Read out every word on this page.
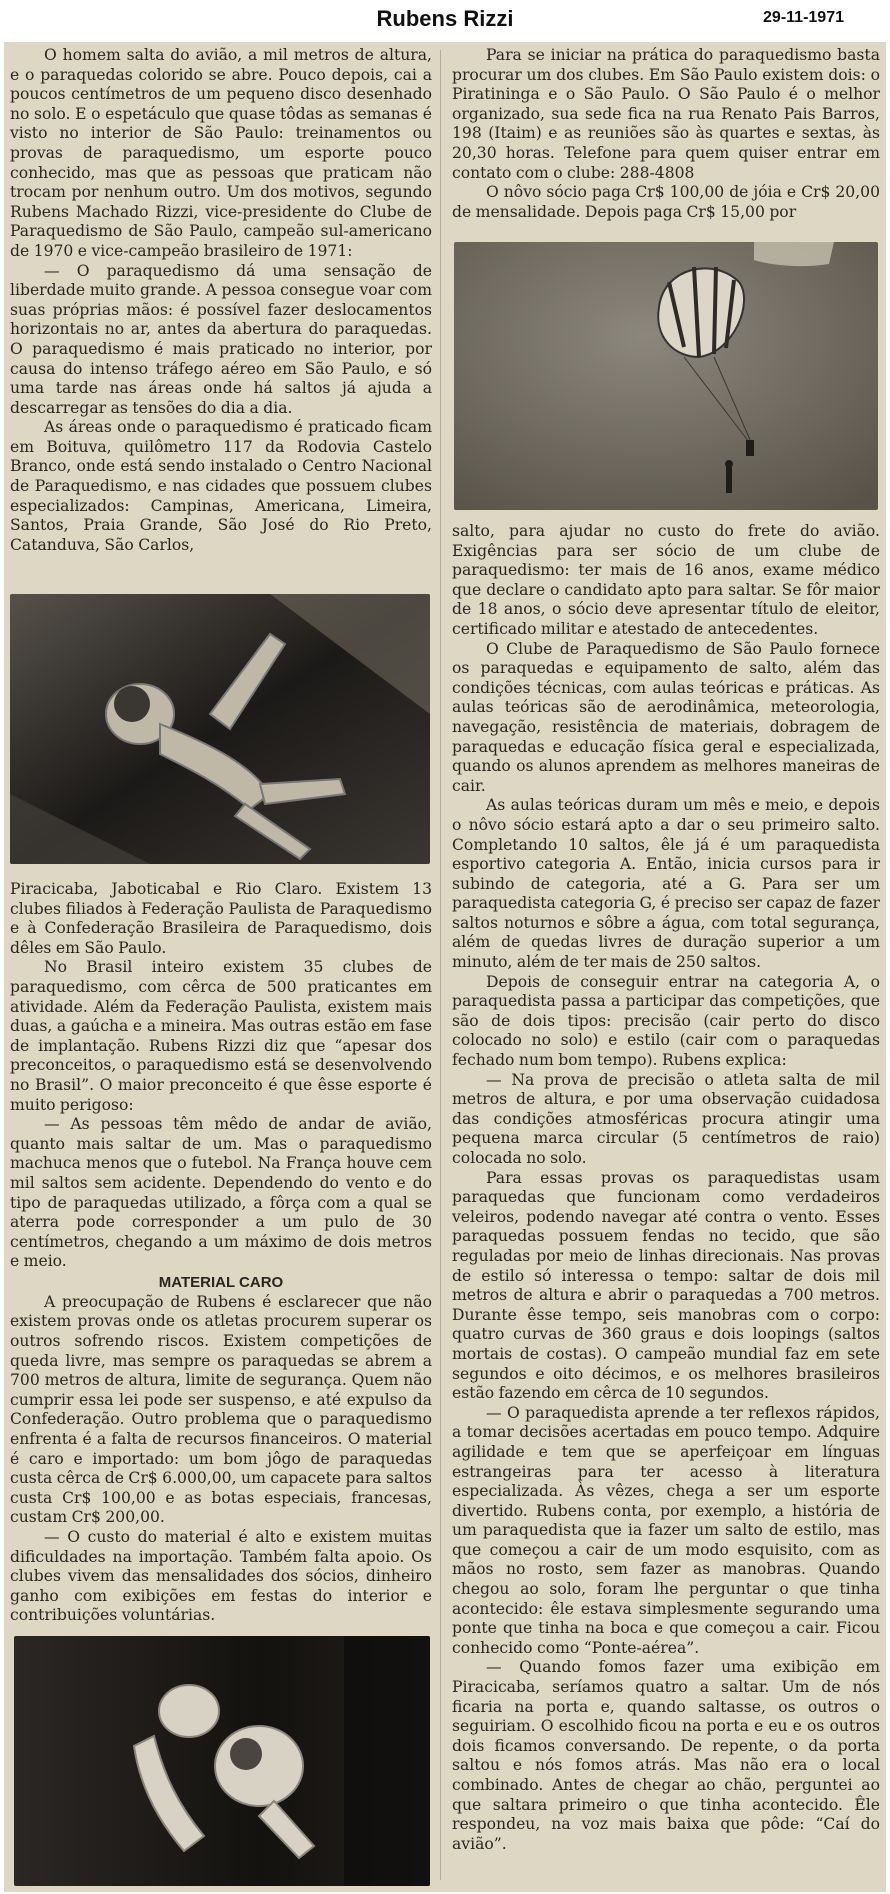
Rubens Rizzi	29-11-1971

O homem salta do avião, a mil metros de altura, e o paraquedas colorido se abre. Pouco depois, cai a poucos centímetros de um pequeno disco desenhado no solo. E o espetáculo que quase tôdas as semanas é visto no interior de São Paulo: treinamentos ou provas de paraquedismo, um esporte pouco conhecido, mas que as pessoas que praticam não trocam por nenhum outro. Um dos motivos, segundo Rubens Machado Rizzi, vice-presidente do Clube de Paraquedismo de São Paulo, campeão sul-americano de 1970 e vice-campeão brasileiro de 1971:

— O paraquedismo dá uma sensação de liberdade muito grande. A pessoa consegue voar com suas próprias mãos: é possível fazer deslocamentos horizontais no ar, antes da abertura do paraquedas. O paraquedismo é mais praticado no interior, por causa do intenso tráfego aéreo em São Paulo, e só uma tarde nas áreas onde há saltos já ajuda a descarregar as tensões do dia a dia.

As áreas onde o paraquedismo é praticado ficam em Boituva, quilômetro 117 da Rodovia Castelo Branco, onde está sendo instalado o Centro Nacional de Paraquedismo, e nas cidades que possuem clubes especializados: Campinas, Americana, Limeira, Santos, Praia Grande, São José do Rio Preto, Catanduva, São Carlos,

Piracicaba, Jaboticabal e Rio Claro. Existem 13 clubes filiados à Federação Paulista de Paraquedismo e à Confederação Brasileira de Paraquedismo, dois dêles em São Paulo.

No Brasil inteiro existem 35 clubes de paraquedismo, com cêrca de 500 praticantes em atividade. Além da Federação Paulista, existem mais duas, a gaúcha e a mineira. Mas outras estão em fase de implantação. Rubens Rizzi diz que “apesar dos preconceitos, o paraquedismo está se desenvolvendo no Brasil”. O maior preconceito é que êsse esporte é muito perigoso:

— As pessoas têm mêdo de andar de avião, quanto mais saltar de um. Mas o paraquedismo machuca menos que o futebol. Na França houve cem mil saltos sem acidente. Dependendo do vento e do tipo de paraquedas utilizado, a fôrça com a qual se aterra pode corresponder a um pulo de 30 centímetros, chegando a um máximo de dois metros e meio.

MATERIAL CARO

A preocupação de Rubens é esclarecer que não existem provas onde os atletas procurem superar os outros sofrendo riscos. Existem competições de queda livre, mas sempre os paraquedas se abrem a 700 metros de altura, limite de segurança. Quem não cumprir essa lei pode ser suspenso, e até expulso da Confederação. Outro problema que o paraquedismo enfrenta é a falta de recursos financeiros. O material é caro e importado: um bom jôgo de paraquedas custa cêrca de Cr$ 6.000,00, um capacete para saltos custa Cr$ 100,00 e as botas especiais, francesas, custam Cr$ 200,00.

— O custo do material é alto e existem muitas dificuldades na importação. Também falta apoio. Os clubes vivem das mensalidades dos sócios, dinheiro ganho com exibições em festas do interior e contribuições voluntárias.

Para se iniciar na prática do paraquedismo basta procurar um dos clubes. Em São Paulo existem dois: o Piratininga e o São Paulo. O São Paulo é o melhor organizado, sua sede fica na rua Renato Pais Barros, 198 (Itaim) e as reuniões são às quartes e sextas, às 20,30 horas. Telefone para quem quiser entrar em contato com o clube: 288-4808

O nôvo sócio paga Cr$ 100,00 de jóia e Cr$ 20,00 de mensalidade. Depois paga Cr$ 15,00 por

salto, para ajudar no custo do frete do avião. Exigências para ser sócio de um clube de paraquedismo: ter mais de 16 anos, exame médico que declare o candidato apto para saltar. Se fôr maior de 18 anos, o sócio deve apresentar título de eleitor, certificado militar e atestado de antecedentes.

O Clube de Paraquedismo de São Paulo fornece os paraquedas e equipamento de salto, além das condições técnicas, com aulas teóricas e práticas. As aulas teóricas são de aerodinâmica, meteorologia, navegação, resistência de materiais, dobragem de paraquedas e educação física geral e especializada, quando os alunos aprendem as melhores maneiras de cair.

As aulas teóricas duram um mês e meio, e depois o nôvo sócio estará apto a dar o seu primeiro salto. Completando 10 saltos, êle já é um paraquedista esportivo categoria A. Então, inicia cursos para ir subindo de categoria, até a G. Para ser um paraquedista categoria G, é preciso ser capaz de fazer saltos noturnos e sôbre a água, com total segurança, além de quedas livres de duração superior a um minuto, além de ter mais de 250 saltos.

Depois de conseguir entrar na categoria A, o paraquedista passa a participar das competições, que são de dois tipos: precisão (cair perto do disco colocado no solo) e estilo (cair com o paraquedas fechado num bom tempo). Rubens explica:

— Na prova de precisão o atleta salta de mil metros de altura, e por uma observação cuidadosa das condições atmosféricas procura atingir uma pequena marca circular (5 centímetros de raio) colocada no solo.

Para essas provas os paraquedistas usam paraquedas que funcionam como verdadeiros veleiros, podendo navegar até contra o vento. Esses paraquedas possuem fendas no tecido, que são reguladas por meio de linhas direcionais. Nas provas de estilo só interessa o tempo: saltar de dois mil metros de altura e abrir o paraquedas a 700 metros. Durante êsse tempo, seis manobras com o corpo: quatro curvas de 360 graus e dois loopings (saltos mortais de costas). O campeão mundial faz em sete segundos e oito décimos, e os melhores brasileiros estão fazendo em cêrca de 10 segundos.

— O paraquedista aprende a ter reflexos rápidos, a tomar decisões acertadas em pouco tempo. Adquire agilidade e tem que se aperfeiçoar em línguas estrangeiras para ter acesso à literatura especializada. Às vêzes, chega a ser um esporte divertido. Rubens conta, por exemplo, a história de um paraquedista que ia fazer um salto de estilo, mas que começou a cair de um modo esquisito, com as mãos no rosto, sem fazer as manobras. Quando chegou ao solo, foram lhe perguntar o que tinha acontecido: êle estava simplesmente segurando uma ponte que tinha na boca e que começou a cair. Ficou conhecido como “Ponte-aérea”.

— Quando fomos fazer uma exibição em Piracicaba, seríamos quatro a saltar. Um de nós ficaria na porta e, quando saltasse, os outros o seguiriam. O escolhido ficou na porta e eu e os outros dois ficamos conversando. De repente, o da porta saltou e nós fomos atrás. Mas não era o local combinado. Antes de chegar ao chão, perguntei ao que saltara primeiro o que tinha acontecido. Êle respondeu, na voz mais baixa que pôde: “Caí do avião”.
